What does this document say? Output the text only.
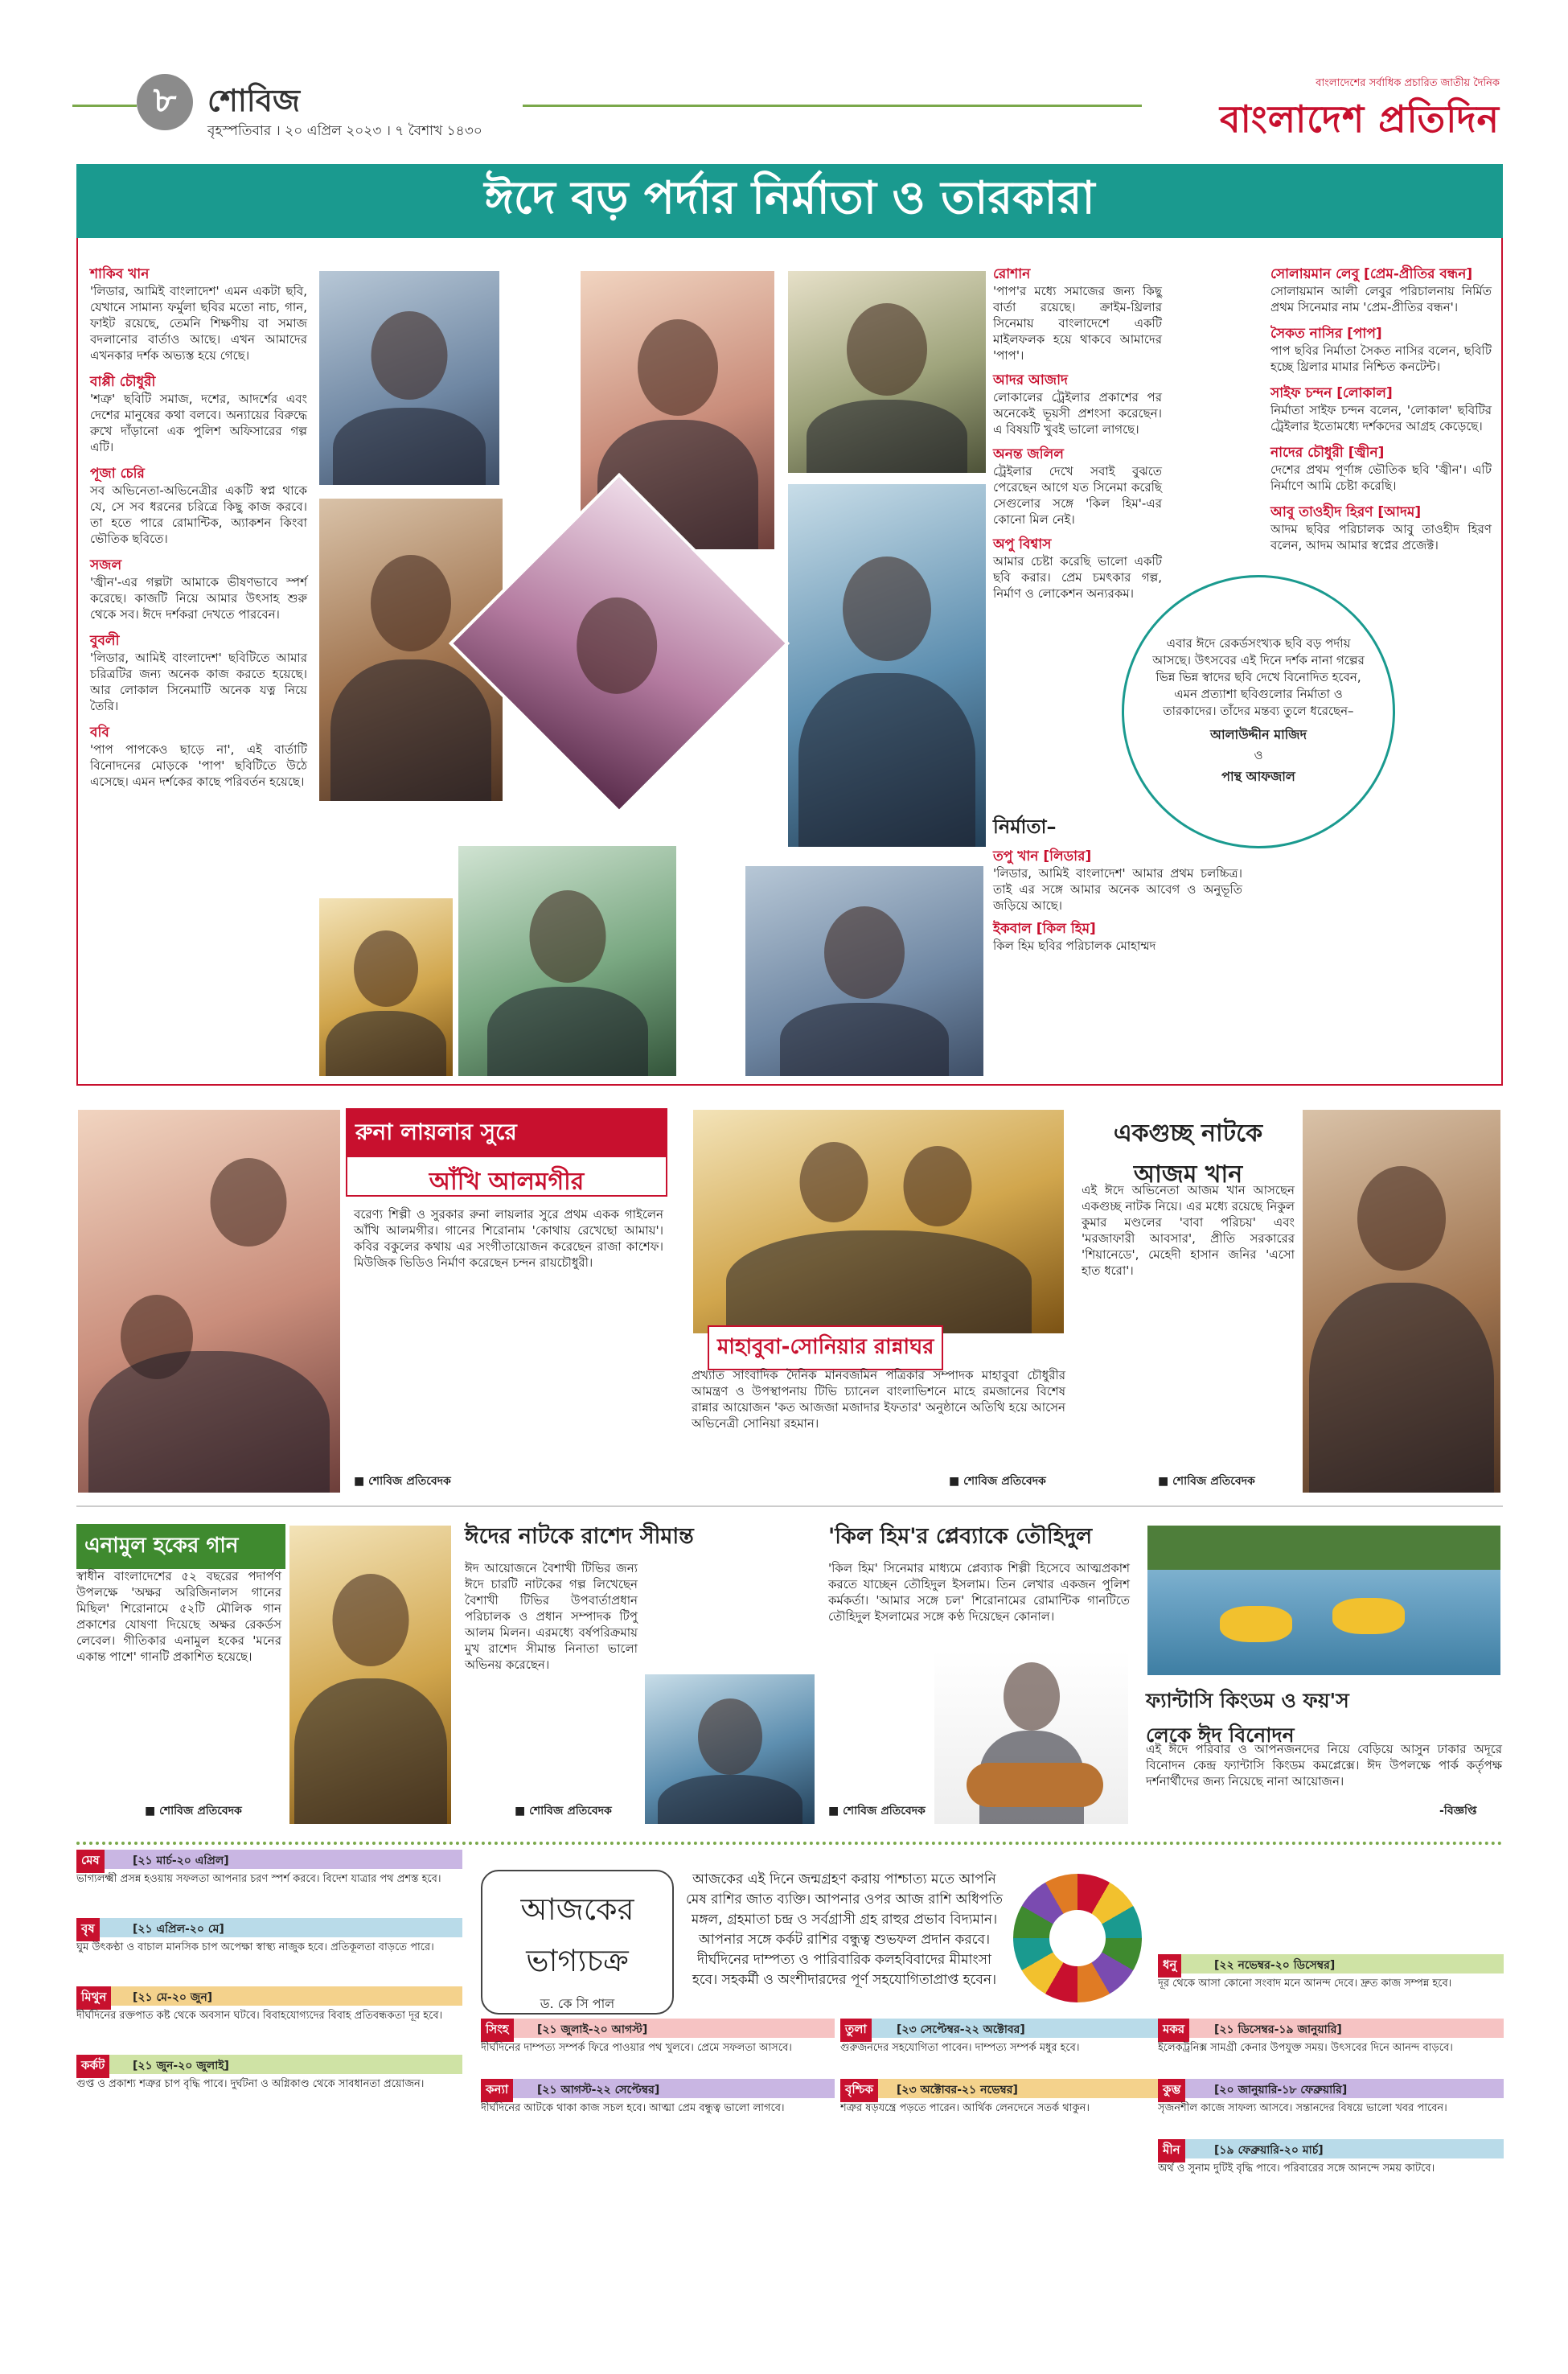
৮ শোবিজ
বৃহস্পতিবার । ২০ এপ্রিল ২০২৩ । ৭ বৈশাখ ১৪৩০
বাংলাদেশের সর্বাধিক প্রচারিত জাতীয় দৈনিক
বাংলাদেশ প্রতিদিন
ঈদে বড় পর্দার নির্মাতা ও তারকারা
শাকিব খান
'লিডার, আমিই বাংলাদেশ' এমন একটা ছবি, যেখানে সামান্য ফর্মুলা ছবির মতো নাচ, গান, ফাইট রয়েছে, তেমনি শিক্ষণীয় বা সমাজ বদলানোর বার্তাও আছে। এখন আমাদের এখনকার দর্শক অভ্যস্ত হয়ে গেছে।
বাপ্পী চৌধুরী
'শত্রু' ছবিটি সমাজ, দশের, আদর্শের এবং দেশের মানুষের কথা বলবে। অন্যায়ের বিরুদ্ধে রুখে দাঁড়ানো এক পুলিশ অফিসারের গল্প এটি।
পূজা চেরি
সব অভিনেতা-অভিনেত্রীর একটি স্বপ্ন থাকে যে, সে সব ধরনের চরিত্রে কিছু কাজ করবে। তা হতে পারে রোমান্টিক, অ্যাকশন কিংবা ভৌতিক ছবিতে।
সজল
'জ্বীন'-এর গল্পটা আমাকে ভীষণভাবে স্পর্শ করেছে। কাজটি নিয়ে আমার উৎসাহ শুরু থেকে সব। ঈদে দর্শকরা দেখতে পারবেন।
বুবলী
'লিডার, আমিই বাংলাদেশ' ছবিটিতে আমার চরিত্রটির জন্য অনেক কাজ করতে হয়েছে। আর লোকাল সিনেমাটি অনেক যত্ন নিয়ে তৈরি।
ববি
'পাপ পাপকেও ছাড়ে না', এই বার্তাটি বিনোদনের মোড়কে 'পাপ' ছবিটিতে উঠে এসেছে। এমন দর্শকের কাছে পরিবর্তন হয়েছে।
রোশান
'পাপ'র মধ্যে সমাজের জন্য কিছু বার্তা রয়েছে। ক্রাইম-থ্রিলার সিনেমায় বাংলাদেশে একটি মাইলফলক হয়ে থাকবে আমাদের 'পাপ'।
আদর আজাদ
লোকালের ট্রেইলার প্রকাশের পর অনেকেই ভূয়সী প্রশংসা করেছেন। এ বিষয়টি খুবই ভালো লাগছে।
অনন্ত জলিল
ট্রেইলার দেখে সবাই বুঝতে পেরেছেন আগে যত সিনেমা করেছি সেগুলোর সঙ্গে 'কিল হিম'-এর কোনো মিল নেই।
অপু বিশ্বাস
আমার চেষ্টা করেছি ভালো একটি ছবি করার। প্রেম চমৎকার গল্প, নির্মাণ ও লোকেশন অন্যরকম।
নির্মাতা–
তপু খান [লিডার]
'লিডার, আমিই বাংলাদেশ' আমার প্রথম চলচ্চিত্র। তাই এর সঙ্গে আমার অনেক আবেগ ও অনুভূতি জড়িয়ে আছে।
ইকবাল [কিল হিম]
কিল হিম ছবির পরিচালক মোহাম্মদ
এবার ঈদে রেকর্ডসংখ্যক ছবি বড় পর্দায় আসছে। উৎসবের এই দিনে দর্শক নানা গল্পের ভিন্ন ভিন্ন স্বাদের ছবি দেখে বিনোদিত হবেন, এমন প্রত্যাশা ছবিগুলোর নির্মাতা ও তারকাদের। তাঁদের মন্তব্য তুলে ধরেছেন–
আলাউদ্দীন মাজিদ
ও
পান্থ আফজাল
সোলায়মান লেবু [প্রেম-প্রীতির বন্ধন]
সোলায়মান আলী লেবুর পরিচালনায় নির্মিত প্রথম সিনেমার নাম 'প্রেম-প্রীতির বন্ধন'।
সৈকত নাসির [পাপ]
পাপ ছবির নির্মাতা সৈকত নাসির বলেন, ছবিটি হচ্ছে থ্রিলার মামার নিশ্চিত কনটেন্ট।
সাইফ চন্দন [লোকাল]
নির্মাতা সাইফ চন্দন বলেন, 'লোকাল' ছবিটির ট্রেইলার ইতোমধ্যে দর্শকদের আগ্রহ কেড়েছে।
নাদের চৌধুরী [জ্বীন]
দেশের প্রথম পূর্ণাঙ্গ ভৌতিক ছবি 'জ্বীন'। এটি নির্মাণে আমি চেষ্টা করেছি।
আবু তাওহীদ হিরণ [আদম]
আদম ছবির পরিচালক আবু তাওহীদ হিরণ বলেন, আদম আমার স্বপ্নের প্রজেক্ট।
রুনা লায়লার সুরে
আঁখি আলমগীর
বরেণ্য শিল্পী ও সুরকার রুনা লায়লার সুরে প্রথম একক গাইলেন আঁখি আলমগীর। গানের শিরোনাম 'কোথায় রেখেছো আমায়'। কবির বকুলের কথায় এর সংগীতায়োজন করেছেন রাজা কাশেফ। মিউজিক ভিডিও নির্মাণ করেছেন চন্দন রায়চৌধুরী।
■ শোবিজ প্রতিবেদক
মাহাবুবা-সোনিয়ার রান্নাঘর
প্রখ্যাত সাংবাদিক দৈনিক মানবজমিন পত্রিকার সম্পাদক মাহাবুবা চৌধুরীর আমন্ত্রণ ও উপস্থাপনায় টিভি চ্যানেল বাংলাভিশনে মাহে রমজানের বিশেষ রান্নার আয়োজন 'কত আজজা মজাদার ইফতার' অনুষ্ঠানে অতিথি হয়ে আসেন অভিনেত্রী সোনিয়া রহমান।
■ শোবিজ প্রতিবেদক
একগুচ্ছ নাটকে
আজম খান
এই ঈদে অভিনেতা আজম খান আসছেন একগুচ্ছ নাটক নিয়ে। এর মধ্যে রয়েছে নিকুল কুমার মণ্ডলের 'বাবা পরিচয়' এবং 'মরজাফারী আবসার', প্রীতি সরকারের 'শিয়ানেডে', মেহেদী হাসান জনির 'এসো হাত ধরো'।
■ শোবিজ প্রতিবেদক
এনামুল হকের গান
স্বাধীন বাংলাদেশের ৫২ বছরের পদার্পণ উপলক্ষে 'অক্ষর অরিজিনালস গানের মিছিল' শিরোনামে ৫২টি মৌলিক গান প্রকাশের যোষণা দিয়েছে অক্ষর রেকর্ডস লেবেল। গীতিকার এনামুল হকের 'মনের একান্ত পাশে' গানটি প্রকাশিত হয়েছে।
■ শোবিজ প্রতিবেদক
ঈদের নাটকে রাশেদ সীমান্ত
ঈদ আয়োজনে বৈশাখী টিভির জন্য ঈদে চারটি নাটকের গল্প লিখেছেন বৈশাখী টিভির উপবার্তাপ্রধান পরিচালক ও প্রধান সম্পাদক টিপু আলম মিলন। এরমধ্যে বর্ষপরিক্রমায় মুখ রাশেদ সীমান্ত নিনাতা ভালো অভিনয় করেছেন।
■ শোবিজ প্রতিবেদক
'কিল হিম'র প্লেব্যাকে তৌহিদুল
'কিল হিম' সিনেমার মাধ্যমে প্লেব্যাক শিল্পী হিসেবে আত্মপ্রকাশ করতে যাচ্ছেন তৌহিদুল ইসলাম। তিন লেখার একজন পুলিশ কর্মকর্তা। 'আমার সঙ্গে চল' শিরোনামের রোমান্টিক গানটিতে তৌহিদুল ইসলামের সঙ্গে কণ্ঠ দিয়েছেন কোনাল।
■ শোবিজ প্রতিবেদক
ফ্যান্টাসি কিংডম ও ফয়'স
লেকে ঈদ বিনোদন
এই ঈদে পরিবার ও আপনজনদের নিয়ে বেড়িয়ে আসুন ঢাকার অদূরে বিনোদন কেন্দ্র ফ্যান্টাসি কিংডম কমপ্লেক্সে। ঈদ উপলক্ষে পার্ক কর্তৃপক্ষ দর্শনার্থীদের জন্য নিয়েছে নানা আয়োজন।
-বিজ্ঞপ্তি
আজকের
ভাগ্যচক্র
ড. কে সি পাল
আজকের এই দিনে জন্মগ্রহণ করায় পাশ্চাত্য মতে আপনি মেষ রাশির জাত ব্যক্তি। আপনার ওপর আজ রাশি অধিপতি মঙ্গল, গ্রহমাতা চন্দ্র ও সর্বগ্রাসী গ্রহ রাহুর প্রভাব বিদ্যমান। আপনার সঙ্গে কর্কট রাশির বন্ধুত্ব শুভফল প্রদান করবে। দীর্ঘদিনের দাম্পত্য ও পারিবারিক কলহবিবাদের মীমাংসা হবে। সহকর্মী ও অংশীদারদের পূর্ণ সহযোগিতাপ্রাপ্ত হবেন।
মেষ	[২১ মার্চ-২০ এপ্রিল]
ভাগ্যলক্ষ্মী প্রসন্ন হওয়ায় সফলতা আপনার চরণ স্পর্শ করবে। বিদেশ যাত্রার পথ প্রশস্ত হবে।
বৃষ	[২১ এপ্রিল-২০ মে]
ঘুম উৎকণ্ঠা ও বাচাল মানসিক চাপ অপেক্ষা স্বাস্থ্য নাজুক হবে। প্রতিকূলতা বাড়তে পারে।
মিথুন	[২১ মে-২০ জুন]
দীর্ঘদিনের রক্তপাত কষ্ট থেকে অবসান ঘটবে। বিবাহযোগ্যদের বিবাহ প্রতিবন্ধকতা দূর হবে।
কর্কট	[২১ জুন-২০ জুলাই]
গুপ্ত ও প্রকাশ্য শত্রুর চাপ বৃদ্ধি পাবে। দুর্ঘটনা ও অগ্নিকাণ্ড থেকে সাবধানতা প্রয়োজন।
সিংহ	[২১ জুলাই-২০ আগস্ট]
দীর্ঘদিনের দাম্পত্য সম্পর্ক ফিরে পাওয়ার পথ খুলবে। প্রেমে সফলতা আসবে।
কন্যা	[২১ আগস্ট-২২ সেপ্টেম্বর]
দীর্ঘদিনের আটকে থাকা কাজ সচল হবে। আত্মা প্রেম বন্ধুত্ব ভালো লাগবে।
তুলা	[২৩ সেপ্টেম্বর-২২ অক্টোবর]
গুরুজনদের সহযোগিতা পাবেন। দাম্পত্য সম্পর্ক মধুর হবে।
বৃশ্চিক	[২৩ অক্টোবর-২১ নভেম্বর]
শত্রুর ষড়যন্ত্রে পড়তে পারেন। আর্থিক লেনদেনে সতর্ক থাকুন।
ধনু	[২২ নভেম্বর-২০ ডিসেম্বর]
দূর থেকে আসা কোনো সংবাদ মনে আনন্দ দেবে। দ্রুত কাজ সম্পন্ন হবে।
মকর	[২১ ডিসেম্বর-১৯ জানুয়ারি]
ইলেকট্রনিক্স সামগ্রী কেনার উপযুক্ত সময়। উৎসবের দিনে আনন্দ বাড়বে।
কুম্ভ	[২০ জানুয়ারি-১৮ ফেব্রুয়ারি]
সৃজনশীল কাজে সাফল্য আসবে। সন্তানদের বিষয়ে ভালো খবর পাবেন।
মীন	[১৯ ফেব্রুয়ারি-২০ মার্চ]
অর্থ ও সুনাম দুটিই বৃদ্ধি পাবে। পরিবারের সঙ্গে আনন্দে সময় কাটবে।
